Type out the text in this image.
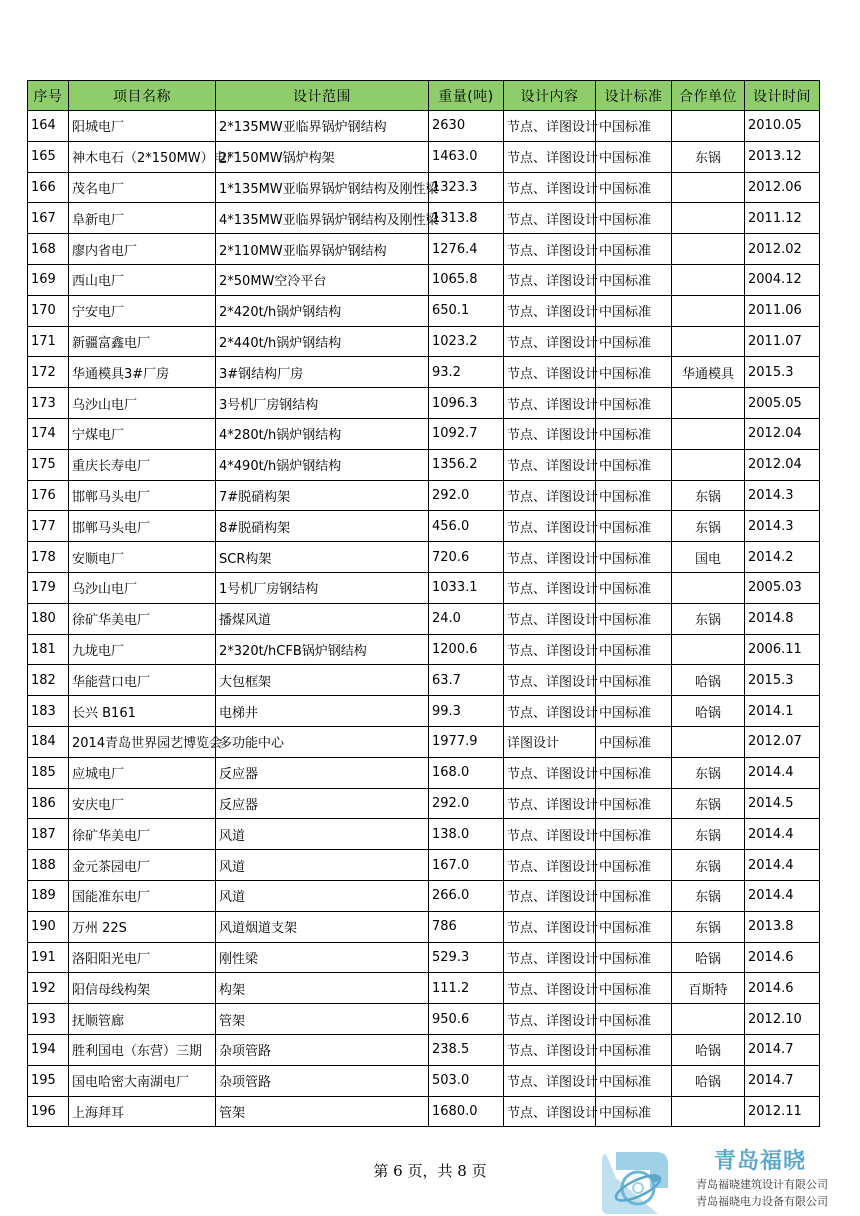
序号	项目名称	设计范围	重量(吨)	设计内容	设计标准	合作单位	设计时间
164	阳城电厂	2*135MW亚临界锅炉钢结构	2630	节点、详图设计	中国标准		2010.05
165	神木电石（2*150MW）电厂	2*150MW锅炉构架	1463.0	节点、详图设计	中国标准	东锅	2013.12
166	茂名电厂	1*135MW亚临界锅炉钢结构及刚性梁	1323.3	节点、详图设计	中国标准		2012.06
167	阜新电厂	4*135MW亚临界锅炉钢结构及刚性梁	1313.8	节点、详图设计	中国标准		2011.12
168	廖内省电厂	2*110MW亚临界锅炉钢结构	1276.4	节点、详图设计	中国标准		2012.02
169	西山电厂	2*50MW空冷平台	1065.8	节点、详图设计	中国标准		2004.12
170	宁安电厂	2*420t/h锅炉钢结构	650.1	节点、详图设计	中国标准		2011.06
171	新疆富鑫电厂	2*440t/h锅炉钢结构	1023.2	节点、详图设计	中国标准		2011.07
172	华通模具3#厂房	3#钢结构厂房	93.2	节点、详图设计	中国标准	华通模具	2015.3
173	乌沙山电厂	3号机厂房钢结构	1096.3	节点、详图设计	中国标准		2005.05
174	宁煤电厂	4*280t/h锅炉钢结构	1092.7	节点、详图设计	中国标准		2012.04
175	重庆长寿电厂	4*490t/h锅炉钢结构	1356.2	节点、详图设计	中国标准		2012.04
176	邯郸马头电厂	7#脱硝构架	292.0	节点、详图设计	中国标准	东锅	2014.3
177	邯郸马头电厂	8#脱硝构架	456.0	节点、详图设计	中国标准	东锅	2014.3
178	安顺电厂	SCR构架	720.6	节点、详图设计	中国标准	国电	2014.2
179	乌沙山电厂	1号机厂房钢结构	1033.1	节点、详图设计	中国标准		2005.03
180	徐矿华美电厂	播煤风道	24.0	节点、详图设计	中国标准	东锅	2014.8
181	九垅电厂	2*320t/hCFB锅炉钢结构	1200.6	节点、详图设计	中国标准		2006.11
182	华能营口电厂	大包框架	63.7	节点、详图设计	中国标准	哈锅	2015.3
183	长兴 B161	电梯井	99.3	节点、详图设计	中国标准	哈锅	2014.1
184	2014青岛世界园艺博览会	多功能中心	1977.9	详图设计	中国标准		2012.07
185	应城电厂	反应器	168.0	节点、详图设计	中国标准	东锅	2014.4
186	安庆电厂	反应器	292.0	节点、详图设计	中国标准	东锅	2014.5
187	徐矿华美电厂	风道	138.0	节点、详图设计	中国标准	东锅	2014.4
188	金元茶园电厂	风道	167.0	节点、详图设计	中国标准	东锅	2014.4
189	国能准东电厂	风道	266.0	节点、详图设计	中国标准	东锅	2014.4
190	万州 22S	风道烟道支架	786	节点、详图设计	中国标准	东锅	2013.8
191	洛阳阳光电厂	刚性梁	529.3	节点、详图设计	中国标准	哈锅	2014.6
192	阳信母线构架	构架	111.2	节点、详图设计	中国标准	百斯特	2014.6
193	抚顺管廊	管架	950.6	节点、详图设计	中国标准		2012.10
194	胜利国电（东营）三期	杂项管路	238.5	节点、详图设计	中国标准	哈锅	2014.7
195	国电哈密大南湖电厂	杂项管路	503.0	节点、详图设计	中国标准	哈锅	2014.7
196	上海拜耳	管架	1680.0	节点、详图设计	中国标准		2012.11
第 6 页，共 8 页	青岛福晓
青岛福晓建筑设计有限公司
青岛福晓电力设备有限公司
